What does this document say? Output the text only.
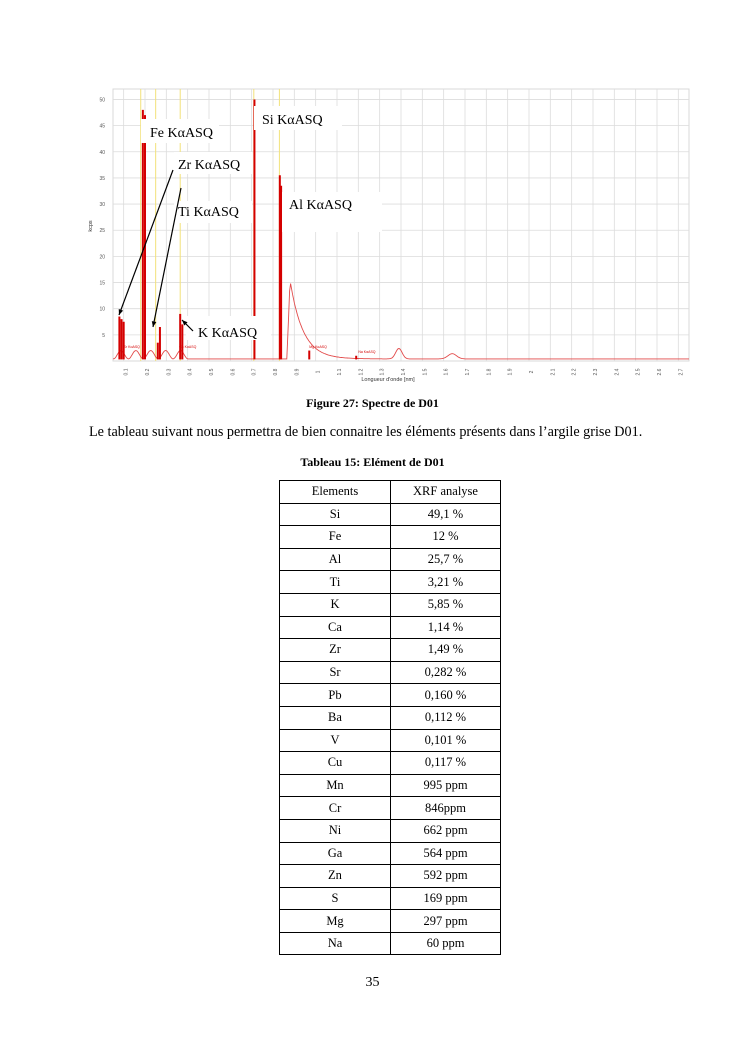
5
10
15
20
25
30
35
40
45
50
0.1	0.2	0.3	0.4	0.5	0.6	0.7	0.8	0.9	1	1.1	1.2	1.3	1.4	1.5	1.6	1.7	1.8	1.9	2	2.1	2.2	2.3	2.4	2.5	2.6	2.7
Longueur d'onde [nm]
kcps
Sr KαASQ	Ca KαASQ	Mg KαASQ
Na KαASQ
Fe KαASQ
Si KαASQ
Zr KαASQ
Al KαASQ
Ti KαASQ
K KαASQ
Figure 27: Spectre de D01
Le tableau suivant nous permettra de bien connaitre les éléments présents dans l’argile grise D01.
Tableau 15: Elément de D01
Elements	XRF analyse
Si	49,1 %
Fe	12 %
Al	25,7 %
Ti	3,21 %
K	5,85 %
Ca	1,14 %
Zr	1,49 %
Sr	0,282 %
Pb	0,160 %
Ba	0,112 %
V	0,101 %
Cu	0,117 %
Mn	995 ppm
Cr	846ppm
Ni	662 ppm
Ga	564 ppm
Zn	592 ppm
S	169 ppm
Mg	297 ppm
Na	60 ppm
35
